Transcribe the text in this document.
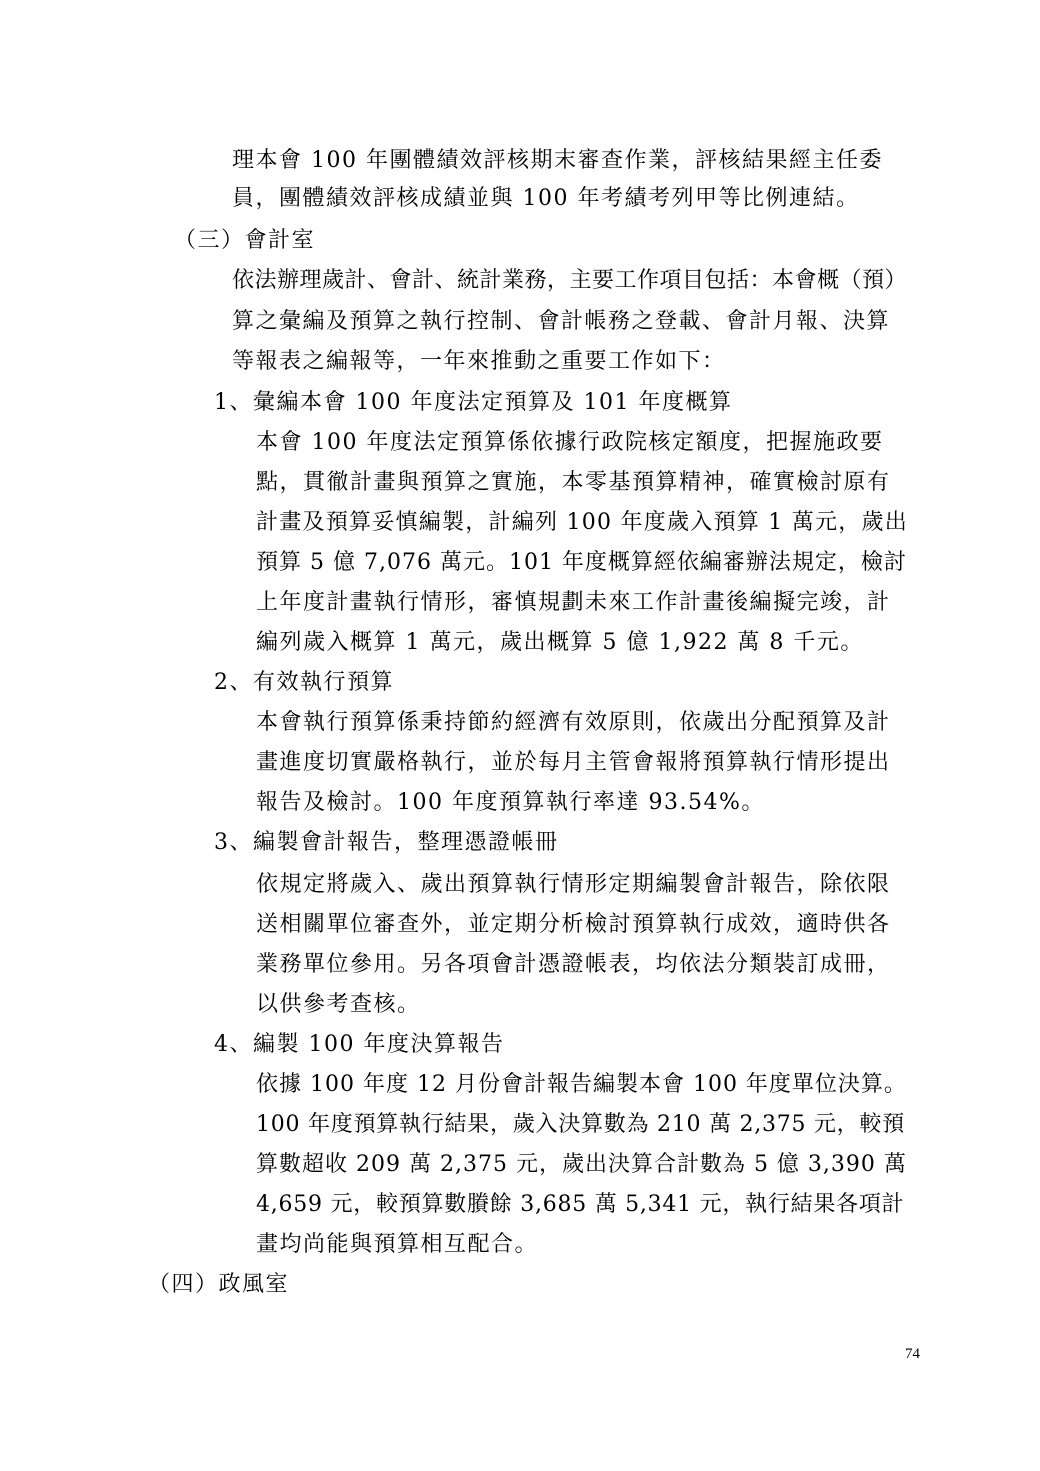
理本會 100 年團體績效評核期末審查作業，評核結果經主任委
員，團體績效評核成績並與 100 年考績考列甲等比例連結。
（三）會計室
依法辦理歲計、會計、統計業務，主要工作項目包括：本會概（預）
算之彙編及預算之執行控制、會計帳務之登載、會計月報、決算
等報表之編報等，一年來推動之重要工作如下：
1、彙編本會 100 年度法定預算及 101 年度概算
本會 100 年度法定預算係依據行政院核定額度，把握施政要
點，貫徹計畫與預算之實施，本零基預算精神，確實檢討原有
計畫及預算妥慎編製，計編列 100 年度歲入預算 1 萬元，歲出
預算 5 億 7,076 萬元。101 年度概算經依編審辦法規定，檢討
上年度計畫執行情形，審慎規劃未來工作計畫後編擬完竣，計
編列歲入概算 1 萬元，歲出概算 5 億 1,922 萬 8 千元。
2、有效執行預算
本會執行預算係秉持節約經濟有效原則，依歲出分配預算及計
畫進度切實嚴格執行，並於每月主管會報將預算執行情形提出
報告及檢討。100 年度預算執行率達 93.54%。
3、編製會計報告，整理憑證帳冊
依規定將歲入、歲出預算執行情形定期編製會計報告，除依限
送相關單位審查外，並定期分析檢討預算執行成效，適時供各
業務單位參用。另各項會計憑證帳表，均依法分類裝訂成冊，
以供參考查核。
4、編製 100 年度決算報告
依據 100 年度 12 月份會計報告編製本會 100 年度單位決算。
100 年度預算執行結果，歲入決算數為 210 萬 2,375 元，較預
算數超收 209 萬 2,375 元，歲出決算合計數為 5 億 3,390 萬
4,659 元，較預算數賸餘 3,685 萬 5,341 元，執行結果各項計
畫均尚能與預算相互配合。
（四）政風室
74
